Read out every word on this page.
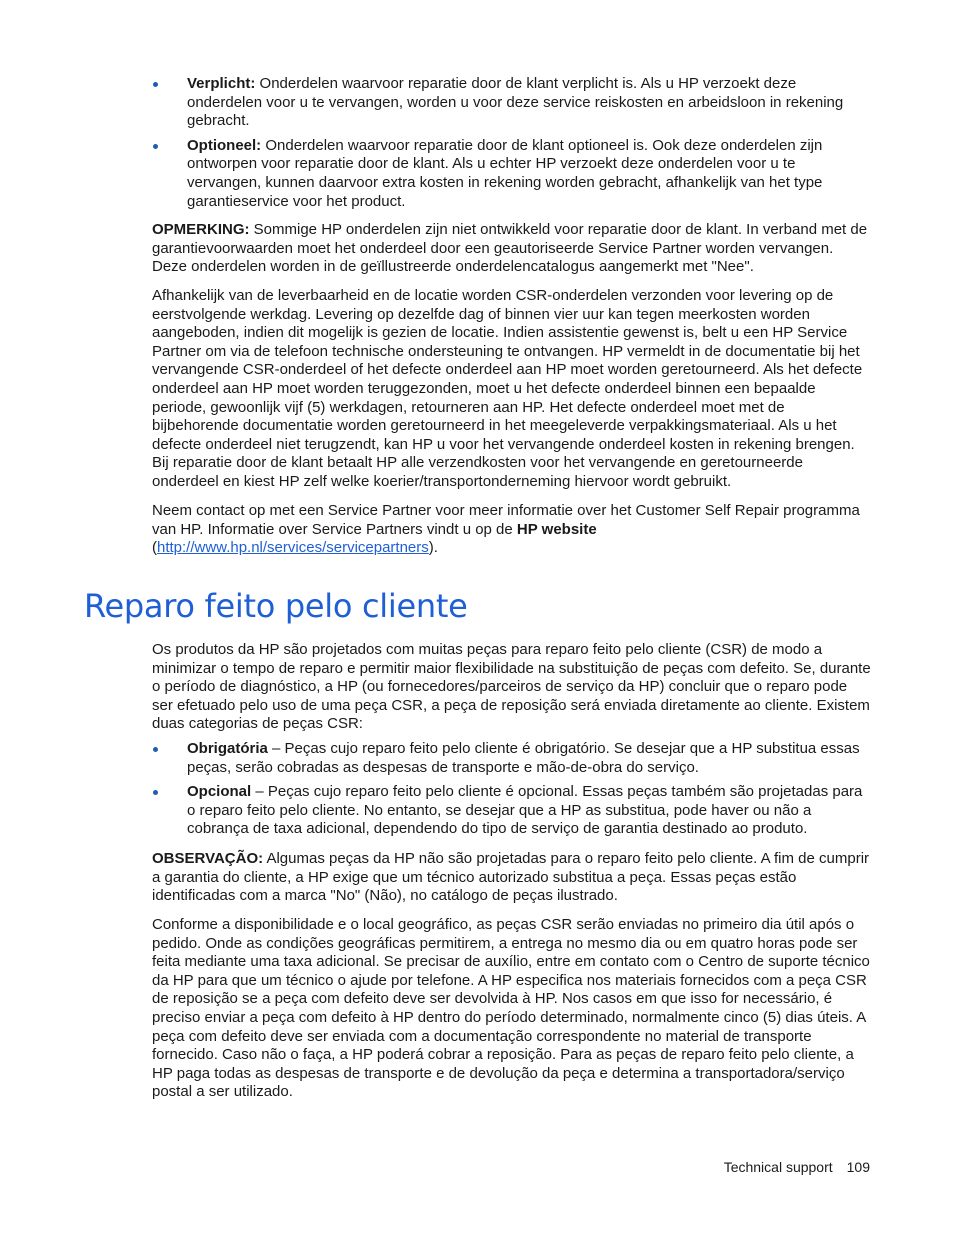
Verplicht: Onderdelen waarvoor reparatie door de klant verplicht is. Als u HP verzoekt deze onderdelen voor u te vervangen, worden u voor deze service reiskosten en arbeidsloon in rekening gebracht.
Optioneel: Onderdelen waarvoor reparatie door de klant optioneel is. Ook deze onderdelen zijn ontworpen voor reparatie door de klant. Als u echter HP verzoekt deze onderdelen voor u te vervangen, kunnen daarvoor extra kosten in rekening worden gebracht, afhankelijk van het type garantieservice voor het product.

OPMERKING: Sommige HP onderdelen zijn niet ontwikkeld voor reparatie door de klant. In verband met de garantievoorwaarden moet het onderdeel door een geautoriseerde Service Partner worden vervangen. Deze onderdelen worden in de geïllustreerde onderdelencatalogus aangemerkt met "Nee".

Afhankelijk van de leverbaarheid en de locatie worden CSR-onderdelen verzonden voor levering op de eerstvolgende werkdag. Levering op dezelfde dag of binnen vier uur kan tegen meerkosten worden aangeboden, indien dit mogelijk is gezien de locatie. Indien assistentie gewenst is, belt u een HP Service Partner om via de telefoon technische ondersteuning te ontvangen. HP vermeldt in de documentatie bij het vervangende CSR-onderdeel of het defecte onderdeel aan HP moet worden geretourneerd. Als het defecte onderdeel aan HP moet worden teruggezonden, moet u het defecte onderdeel binnen een bepaalde periode, gewoonlijk vijf (5) werkdagen, retourneren aan HP. Het defecte onderdeel moet met de bijbehorende documentatie worden geretourneerd in het meegeleverde verpakkingsmateriaal. Als u het defecte onderdeel niet terugzendt, kan HP u voor het vervangende onderdeel kosten in rekening brengen. Bij reparatie door de klant betaalt HP alle verzendkosten voor het vervangende en geretourneerde onderdeel en kiest HP zelf welke koerier/transportonderneming hiervoor wordt gebruikt.

Neem contact op met een Service Partner voor meer informatie over het Customer Self Repair programma van HP. Informatie over Service Partners vindt u op de HP website (http://www.hp.nl/services/servicepartners).

Reparo feito pelo cliente

Os produtos da HP são projetados com muitas peças para reparo feito pelo cliente (CSR) de modo a minimizar o tempo de reparo e permitir maior flexibilidade na substituição de peças com defeito. Se, durante o período de diagnóstico, a HP (ou fornecedores/parceiros de serviço da HP) concluir que o reparo pode ser efetuado pelo uso de uma peça CSR, a peça de reposição será enviada diretamente ao cliente. Existem duas categorias de peças CSR:

Obrigatória – Peças cujo reparo feito pelo cliente é obrigatório. Se desejar que a HP substitua essas peças, serão cobradas as despesas de transporte e mão-de-obra do serviço.
Opcional – Peças cujo reparo feito pelo cliente é opcional. Essas peças também são projetadas para o reparo feito pelo cliente. No entanto, se desejar que a HP as substitua, pode haver ou não a cobrança de taxa adicional, dependendo do tipo de serviço de garantia destinado ao produto.

OBSERVAÇÃO: Algumas peças da HP não são projetadas para o reparo feito pelo cliente. A fim de cumprir a garantia do cliente, a HP exige que um técnico autorizado substitua a peça. Essas peças estão identificadas com a marca "No" (Não), no catálogo de peças ilustrado.

Conforme a disponibilidade e o local geográfico, as peças CSR serão enviadas no primeiro dia útil após o pedido. Onde as condições geográficas permitirem, a entrega no mesmo dia ou em quatro horas pode ser feita mediante uma taxa adicional. Se precisar de auxílio, entre em contato com o Centro de suporte técnico da HP para que um técnico o ajude por telefone. A HP especifica nos materiais fornecidos com a peça CSR de reposição se a peça com defeito deve ser devolvida à HP. Nos casos em que isso for necessário, é preciso enviar a peça com defeito à HP dentro do período determinado, normalmente cinco (5) dias úteis. A peça com defeito deve ser enviada com a documentação correspondente no material de transporte fornecido. Caso não o faça, a HP poderá cobrar a reposição. Para as peças de reparo feito pelo cliente, a HP paga todas as despesas de transporte e de devolução da peça e determina a transportadora/serviço postal a ser utilizado.

Technical support 109
